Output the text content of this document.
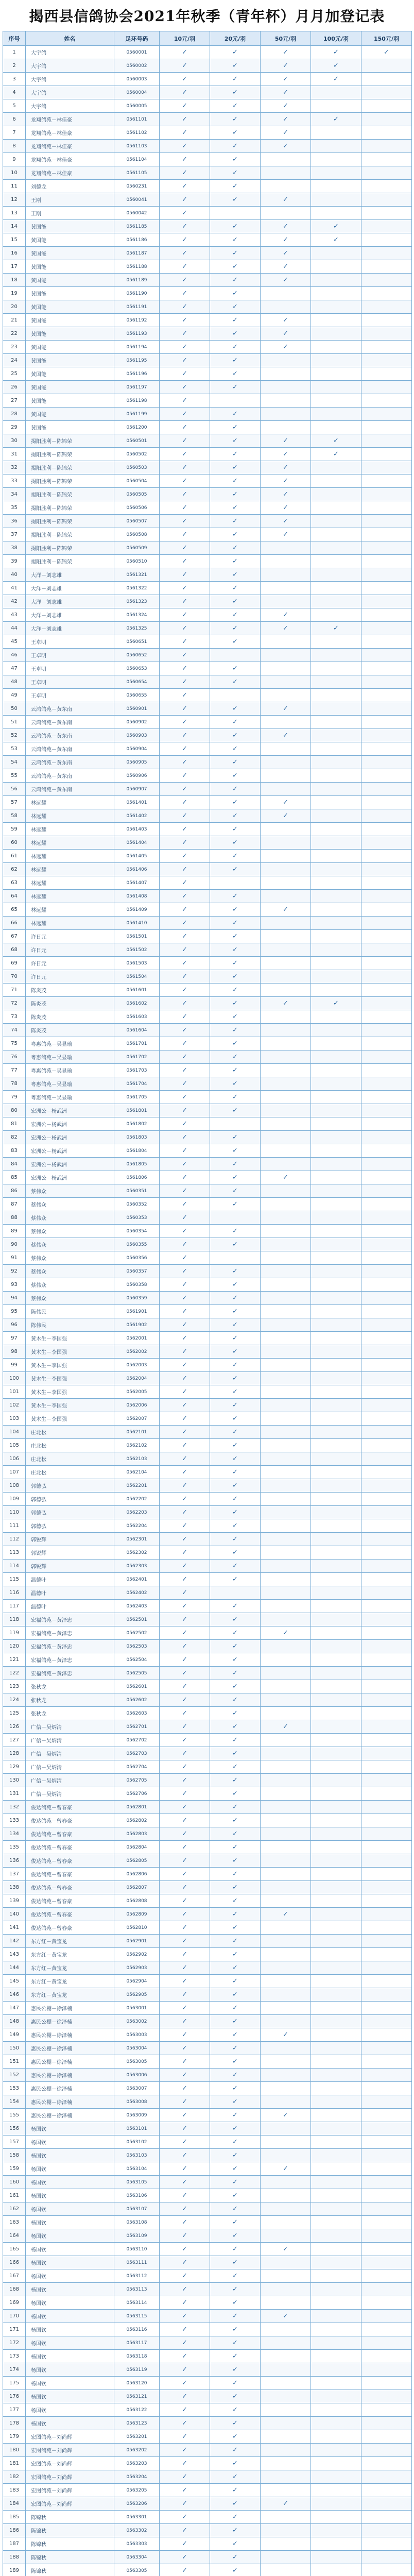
揭西县信鸽协会2021年秋季（青年杯）月月加登记表
序号	姓名	足环号码	10元/羽	20元/羽	50元/羽	100元/羽	150元/羽
1	大宇鸽	0560001	✓	✓	✓	✓	✓
2	大宇鸽	0560002	✓	✓	✓	✓	
3	大宇鸽	0560003	✓	✓	✓	✓	
4	大宇鸽	0560004	✓	✓	✓		
5	大宇鸽	0560005	✓	✓	✓		
6	龙翔鸽苑－林佳豪	0561101	✓	✓	✓	✓	
7	龙翔鸽苑－林佳豪	0561102	✓	✓	✓		
8	龙翔鸽苑－林佳豪	0561103	✓	✓	✓		
9	龙翔鸽苑－林佳豪	0561104	✓	✓			
10	龙翔鸽苑－林佳豪	0561105	✓	✓			
11	刘德龙	0560231	✓	✓			
12	王刚	0560041	✓	✓	✓		
13	王刚	0560042	✓				
14	黄国能	0561185	✓	✓	✓	✓	
15	黄国能	0561186	✓	✓	✓	✓	
16	黄国能	0561187	✓	✓	✓		
17	黄国能	0561188	✓	✓	✓		
18	黄国能	0561189	✓	✓	✓		
19	黄国能	0561190	✓	✓			
20	黄国能	0561191	✓	✓			
21	黄国能	0561192	✓	✓	✓		
22	黄国能	0561193	✓	✓	✓		
23	黄国能	0561194	✓	✓	✓		
24	黄国能	0561195	✓	✓			
25	黄国能	0561196	✓	✓			
26	黄国能	0561197	✓	✓			
27	黄国能	0561198	✓				
28	黄国能	0561199	✓	✓			
29	黄国能	0561200	✓	✓			
30	揭阳胜利－陈锦荣	0560501	✓	✓	✓	✓	
31	揭阳胜利－陈锦荣	0560502	✓	✓	✓	✓	
32	揭阳胜利－陈锦荣	0560503	✓	✓	✓		
33	揭阳胜利－陈锦荣	0560504	✓	✓	✓		
34	揭阳胜利－陈锦荣	0560505	✓	✓	✓		
35	揭阳胜利－陈锦荣	0560506	✓	✓	✓		
36	揭阳胜利－陈锦荣	0560507	✓	✓	✓		
37	揭阳胜利－陈锦荣	0560508	✓	✓	✓		
38	揭阳胜利－陈锦荣	0560509	✓	✓			
39	揭阳胜利－陈锦荣	0560510	✓	✓			
40	大洋－刘志雄	0561321	✓	✓			
41	大洋－刘志雄	0561322	✓	✓			
42	大洋－刘志雄	0561323	✓	✓			
43	大洋－刘志雄	0561324	✓	✓	✓		
44	大洋－刘志雄	0561325	✓	✓	✓	✓	
45	王卓明	0560651	✓	✓			
46	王卓明	0560652	✓				
47	王卓明	0560653	✓	✓			
48	王卓明	0560654	✓	✓			
49	王卓明	0560655	✓				
50	云鸿鸽苑－黄东南	0560901	✓	✓	✓		
51	云鸿鸽苑－黄东南	0560902	✓	✓			
52	云鸿鸽苑－黄东南	0560903	✓	✓	✓		
53	云鸿鸽苑－黄东南	0560904	✓	✓			
54	云鸿鸽苑－黄东南	0560905	✓	✓			
55	云鸿鸽苑－黄东南	0560906	✓	✓			
56	云鸿鸽苑－黄东南	0560907	✓	✓			
57	林远耀	0561401	✓	✓	✓		
58	林远耀	0561402	✓	✓	✓		
59	林远耀	0561403	✓	✓			
60	林远耀	0561404	✓	✓			
61	林远耀	0561405	✓	✓			
62	林远耀	0561406	✓	✓			
63	林远耀	0561407	✓				
64	林远耀	0561408	✓	✓			
65	林远耀	0561409	✓	✓	✓		
66	林远耀	0561410	✓	✓			
67	许日元	0561501	✓	✓			
68	许日元	0561502	✓	✓			
69	许日元	0561503	✓	✓			
70	许日元	0561504	✓	✓			
71	陈炎茂	0561601	✓	✓			
72	陈炎茂	0561602	✓	✓	✓	✓	
73	陈炎茂	0561603	✓	✓			
74	陈炎茂	0561604	✓	✓			
75	粤惠鸽苑－吴显瑜	0561701	✓	✓			
76	粤惠鸽苑－吴显瑜	0561702	✓	✓			
77	粤惠鸽苑－吴显瑜	0561703	✓	✓			
78	粤惠鸽苑－吴显瑜	0561704	✓	✓			
79	粤惠鸽苑－吴显瑜	0561705	✓	✓			
80	宏洲公－杨武洲	0561801	✓	✓			
81	宏洲公－杨武洲	0561802	✓				
82	宏洲公－杨武洲	0561803	✓	✓			
83	宏洲公－杨武洲	0561804	✓	✓			
84	宏洲公－杨武洲	0561805	✓	✓			
85	宏洲公－杨武洲	0561806	✓	✓	✓		
86	蔡伟众	0560351	✓	✓			
87	蔡伟众	0560352	✓	✓			
88	蔡伟众	0560353	✓				
89	蔡伟众	0560354	✓	✓			
90	蔡伟众	0560355	✓	✓			
91	蔡伟众	0560356	✓				
92	蔡伟众	0560357	✓	✓			
93	蔡伟众	0560358	✓	✓			
94	蔡伟众	0560359	✓	✓			
95	陈伟民	0561901	✓	✓			
96	陈伟民	0561902	✓	✓			
97	黄木生－李国强	0562001	✓	✓			
98	黄木生－李国强	0562002	✓	✓			
99	黄木生－李国强	0562003	✓	✓			
100	黄木生－李国强	0562004	✓	✓			
101	黄木生－李国强	0562005	✓	✓			
102	黄木生－李国强	0562006	✓	✓			
103	黄木生－李国强	0562007	✓	✓			
104	庄北松	0562101	✓	✓			
105	庄北松	0562102	✓	✓			
106	庄北松	0562103	✓	✓			
107	庄北松	0562104	✓	✓			
108	郭德弘	0562201	✓	✓			
109	郭德弘	0562202	✓	✓			
110	郭德弘	0562203	✓	✓			
111	郭德弘	0562204	✓	✓			
112	郭锐辉	0562301	✓	✓			
113	郭锐辉	0562302	✓	✓			
114	郭锐辉	0562303	✓	✓			
115	温德叶	0562401	✓	✓			
116	温德叶	0562402	✓				
117	温德叶	0562403	✓	✓			
118	宏福鸽苑－黄泽忠	0562501	✓	✓			
119	宏福鸽苑－黄泽忠	0562502	✓	✓	✓		
120	宏福鸽苑－黄泽忠	0562503	✓	✓			
121	宏福鸽苑－黄泽忠	0562504	✓	✓			
122	宏福鸽苑－黄泽忠	0562505	✓	✓			
123	张秋龙	0562601	✓	✓			
124	张秋龙	0562602	✓	✓			
125	张秋龙	0562603	✓	✓			
126	广信－吴炳清	0562701	✓	✓	✓		
127	广信－吴炳清	0562702	✓	✓			
128	广信－吴炳清	0562703	✓	✓			
129	广信－吴炳清	0562704	✓	✓			
130	广信－吴炳清	0562705	✓	✓			
131	广信－吴炳清	0562706	✓	✓			
132	俊达鸽苑－曾春豪	0562801	✓	✓			
133	俊达鸽苑－曾春豪	0562802	✓	✓			
134	俊达鸽苑－曾春豪	0562803	✓	✓			
135	俊达鸽苑－曾春豪	0562804	✓	✓			
136	俊达鸽苑－曾春豪	0562805	✓	✓			
137	俊达鸽苑－曾春豪	0562806	✓	✓			
138	俊达鸽苑－曾春豪	0562807	✓	✓			
139	俊达鸽苑－曾春豪	0562808	✓	✓			
140	俊达鸽苑－曾春豪	0562809	✓	✓	✓		
141	俊达鸽苑－曾春豪	0562810	✓	✓			
142	东方红－黄宝龙	0562901	✓	✓			
143	东方红－黄宝龙	0562902	✓	✓			
144	东方红－黄宝龙	0562903	✓	✓			
145	东方红－黄宝龙	0562904	✓	✓			
146	东方红－黄宝龙	0562905	✓	✓			
147	惠民公棚－徐泽楠	0563001	✓	✓			
148	惠民公棚－徐泽楠	0563002	✓	✓			
149	惠民公棚－徐泽楠	0563003	✓	✓	✓		
150	惠民公棚－徐泽楠	0563004	✓	✓			
151	惠民公棚－徐泽楠	0563005	✓	✓			
152	惠民公棚－徐泽楠	0563006	✓	✓			
153	惠民公棚－徐泽楠	0563007	✓	✓			
154	惠民公棚－徐泽楠	0563008	✓	✓			
155	惠民公棚－徐泽楠	0563009	✓	✓	✓		
156	杨国钦	0563101	✓	✓			
157	杨国钦	0563102	✓	✓			
158	杨国钦	0563103	✓	✓			
159	杨国钦	0563104	✓	✓	✓		
160	杨国钦	0563105	✓	✓			
161	杨国钦	0563106	✓	✓			
162	杨国钦	0563107	✓	✓			
163	杨国钦	0563108	✓	✓			
164	杨国钦	0563109	✓	✓			
165	杨国钦	0563110	✓	✓	✓		
166	杨国钦	0563111	✓	✓			
167	杨国钦	0563112	✓	✓			
168	杨国钦	0563113	✓	✓			
169	杨国钦	0563114	✓	✓			
170	杨国钦	0563115	✓	✓	✓		
171	杨国钦	0563116	✓	✓			
172	杨国钦	0563117	✓	✓			
173	杨国钦	0563118	✓	✓			
174	杨国钦	0563119	✓	✓			
175	杨国钦	0563120	✓	✓			
176	杨国钦	0563121	✓	✓			
177	杨国钦	0563122	✓	✓			
178	杨国钦	0563123	✓	✓			
179	宏图鸽苑－刘尚辉	0563201	✓	✓			
180	宏图鸽苑－刘尚辉	0563202	✓	✓			
181	宏图鸽苑－刘尚辉	0563203	✓	✓			
182	宏图鸽苑－刘尚辉	0563204	✓	✓			
183	宏图鸽苑－刘尚辉	0563205	✓	✓			
184	宏图鸽苑－刘尚辉	0563206	✓	✓	✓		
185	陈锦秋	0563301	✓	✓			
186	陈锦秋	0563302	✓	✓			
187	陈锦秋	0563303	✓	✓			
188	陈锦秋	0563304	✓	✓			
189	陈锦秋	0563305	✓	✓			
